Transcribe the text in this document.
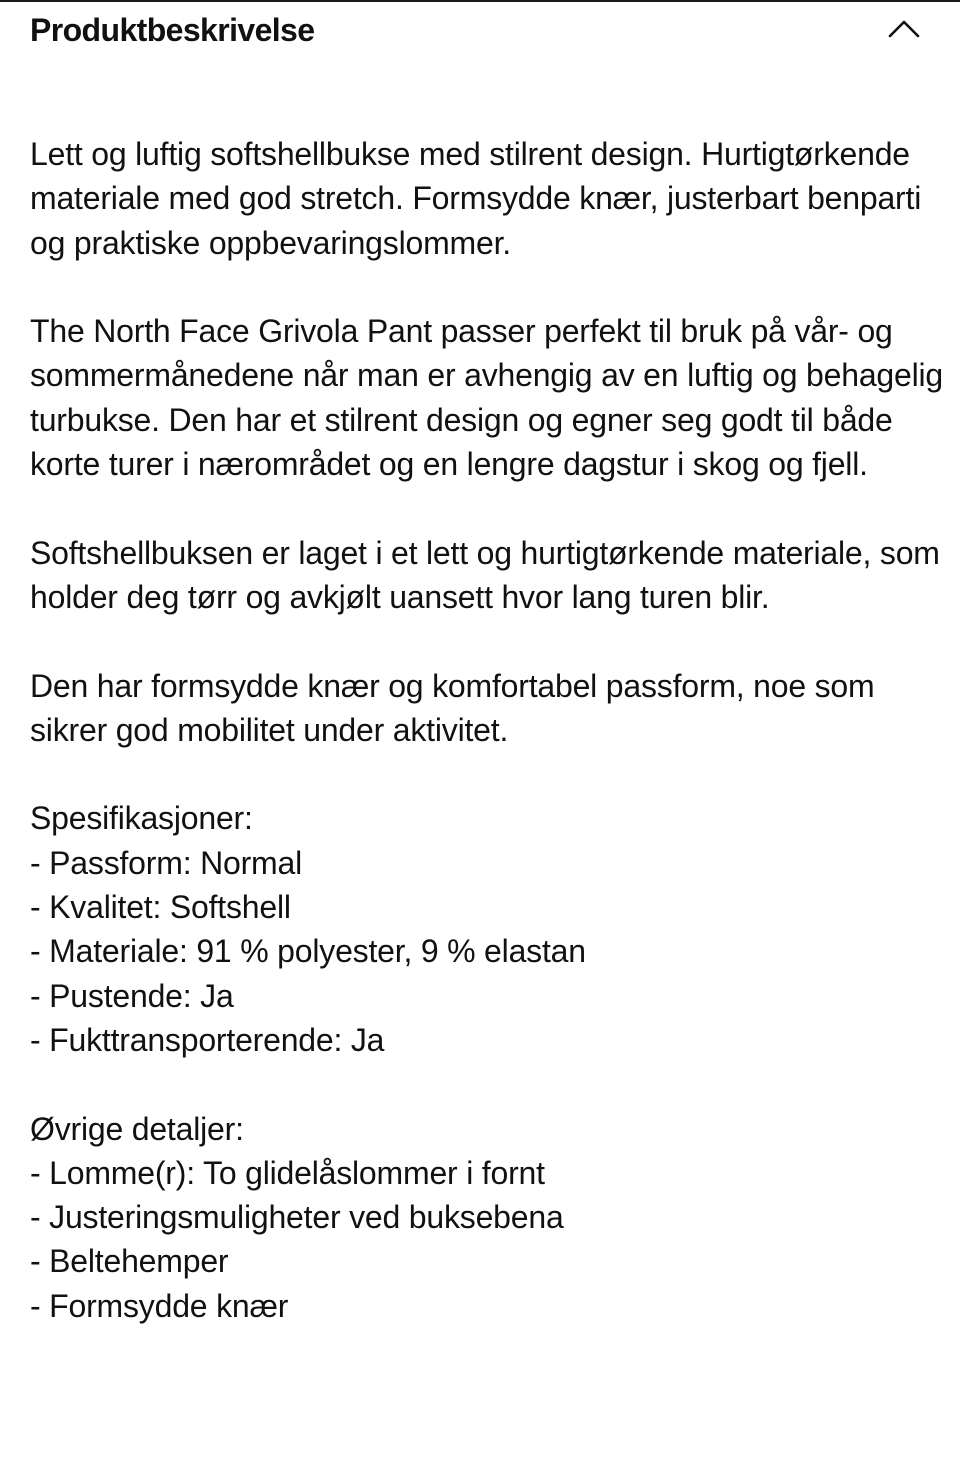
Produktbeskrivelse

Lett og luftig softshellbukse med stilrent design. Hurtigtørkende materiale med god stretch. Formsydde knær, justerbart benparti og praktiske oppbevaringslommer.

The North Face Grivola Pant passer perfekt til bruk på vår- og sommermånedene når man er avhengig av en luftig og behagelig turbukse. Den har et stilrent design og egner seg godt til både korte turer i nærområdet og en lengre dagstur i skog og fjell.

Softshellbuksen er laget i et lett og hurtigtørkende materiale, som holder deg tørr og avkjølt uansett hvor lang turen blir.

Den har formsydde knær og komfortabel passform, noe som sikrer god mobilitet under aktivitet.

Spesifikasjoner:
- Passform: Normal
- Kvalitet: Softshell
- Materiale: 91 % polyester, 9 % elastan
- Pustende: Ja
- Fukttransporterende: Ja
Øvrige detaljer:
- Lomme(r): To glidelåslommer i fornt
- Justeringsmuligheter ved buksebena
- Beltehemper
- Formsydde knær
